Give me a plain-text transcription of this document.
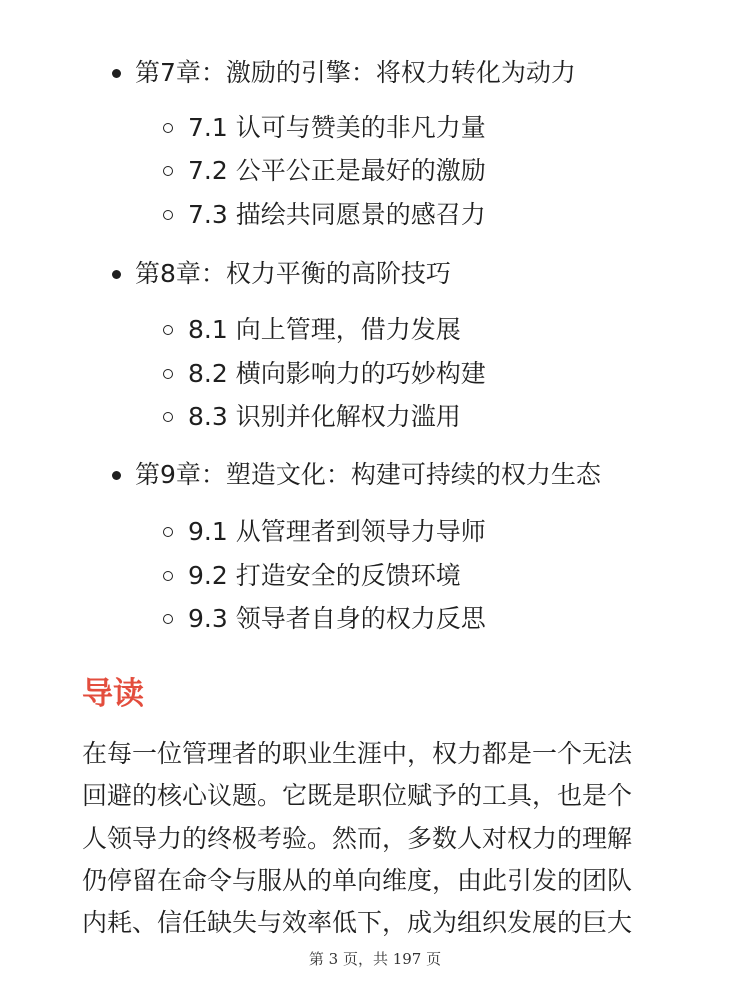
第7章：激励的引擎：将权力转化为动力
7.1 认可与赞美的非凡力量
7.2 公平公正是最好的激励
7.3 描绘共同愿景的感召力
第8章：权力平衡的高阶技巧
8.1 向上管理，借力发展
8.2 横向影响力的巧妙构建
8.3 识别并化解权力滥用
第9章：塑造文化：构建可持续的权力生态
9.1 从管理者到领导力导师
9.2 打造安全的反馈环境
9.3 领导者自身的权力反思
导读
在每一位管理者的职业生涯中，权力都是一个无法
回避的核心议题。它既是职位赋予的工具，也是个
人领导力的终极考验。然而，多数人对权力的理解
仍停留在命令与服从的单向维度，由此引发的团队
内耗、信任缺失与效率低下，成为组织发展的巨大
第 3 页，共 197 页
